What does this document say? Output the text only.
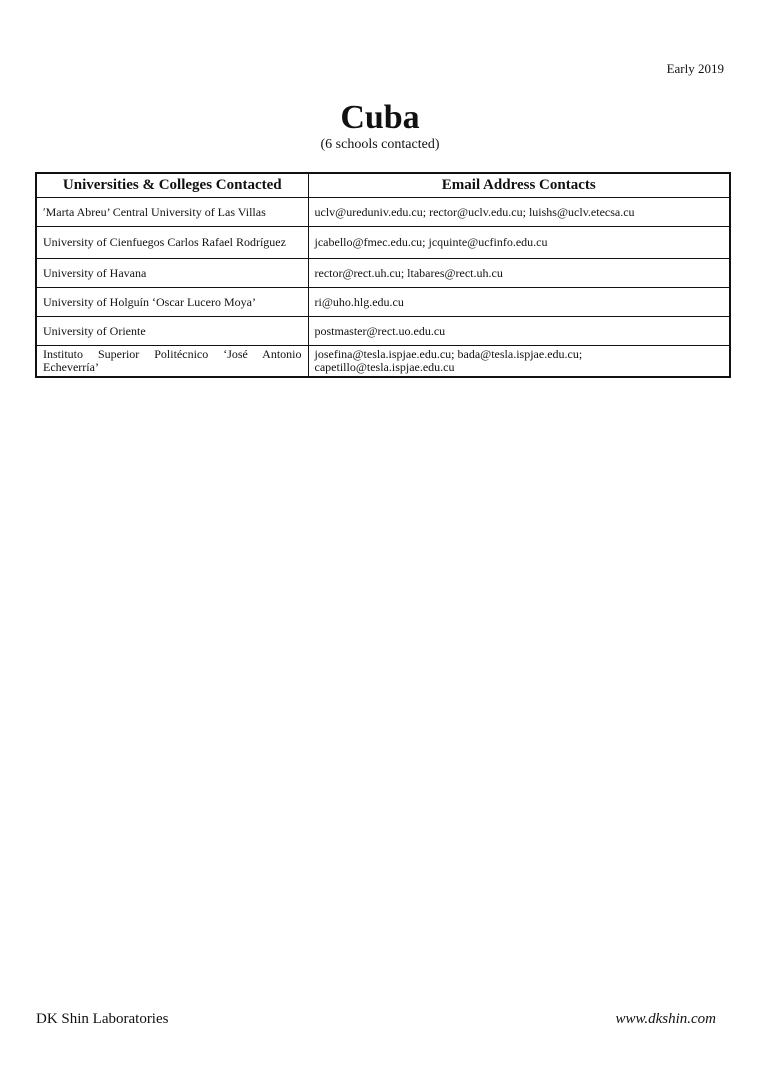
Early 2019
Cuba
(6 schools contacted)
Universities & Colleges Contacted	Email Address Contacts
ʹMarta Abreu’ Central University of Las Villas	uclv@ureduniv.edu.cu; rector@uclv.edu.cu; luishs@uclv.etecsa.cu
University of Cienfuegos Carlos Rafael Rodríguez	jcabello@fmec.edu.cu; jcquinte@ucfinfo.edu.cu
University of Havana	rector@rect.uh.cu; ltabares@rect.uh.cu
University of Holguín ‘Oscar Lucero Moya’	ri@uho.hlg.edu.cu
University of Oriente	postmaster@rect.uo.edu.cu
Instituto Superior Politécnico ‘José Antonio Echeverría’	josefina@tesla.ispjae.edu.cu; bada@tesla.ispjae.edu.cu; capetillo@tesla.ispjae.edu.cu
DK Shin Laboratories	www.dkshin.com
